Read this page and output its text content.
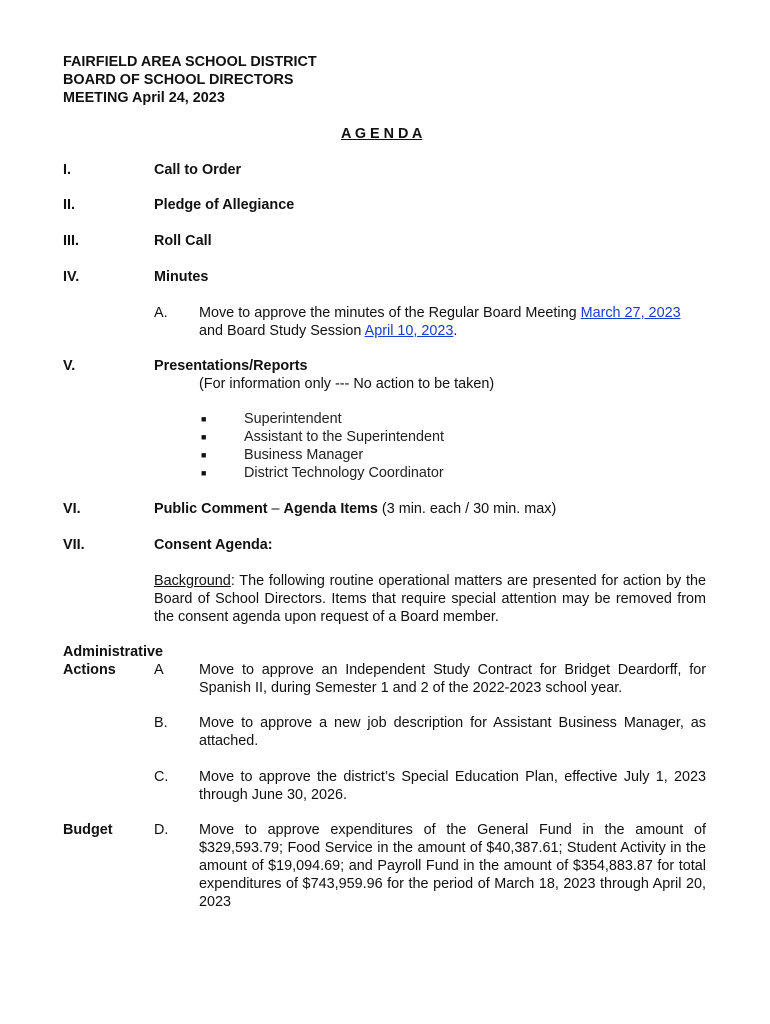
FAIRFIELD AREA SCHOOL DISTRICT
BOARD OF SCHOOL DIRECTORS
MEETING April 24, 2023
A G E N D A
I.	Call to Order
II.	Pledge of Allegiance
III.	Roll Call
IV.	Minutes
A. Move to approve the minutes of the Regular Board Meeting March 27, 2023
and Board Study Session April 10, 2023.
V.	Presentations/Reports
(For information only --- No action to be taken)
■	Superintendent
■	Assistant to the Superintendent
■	Business Manager
■	District Technology Coordinator
VI.	Public Comment – Agenda Items (3 min. each / 30 min. max)
VII.	Consent Agenda:
Background: The following routine operational matters are presented for action by the Board of School Directors. Items that require special attention may be removed from the consent agenda upon request of a Board member.
Administrative
Actions	A Move to approve an Independent Study Contract for Bridget Deardorff, for Spanish II, during Semester 1 and 2 of the 2022-2023 school year.
B. Move to approve a new job description for Assistant Business Manager, as attached.
C. Move to approve the district’s Special Education Plan, effective July 1, 2023 through June 30, 2026.
Budget	D. Move to approve expenditures of the General Fund in the amount of $329,593.79; Food Service in the amount of $40,387.61; Student Activity in the amount of $19,094.69; and Payroll Fund in the amount of $354,883.87 for total expenditures of $743,959.96 for the period of March 18, 2023 through April 20, 2023
